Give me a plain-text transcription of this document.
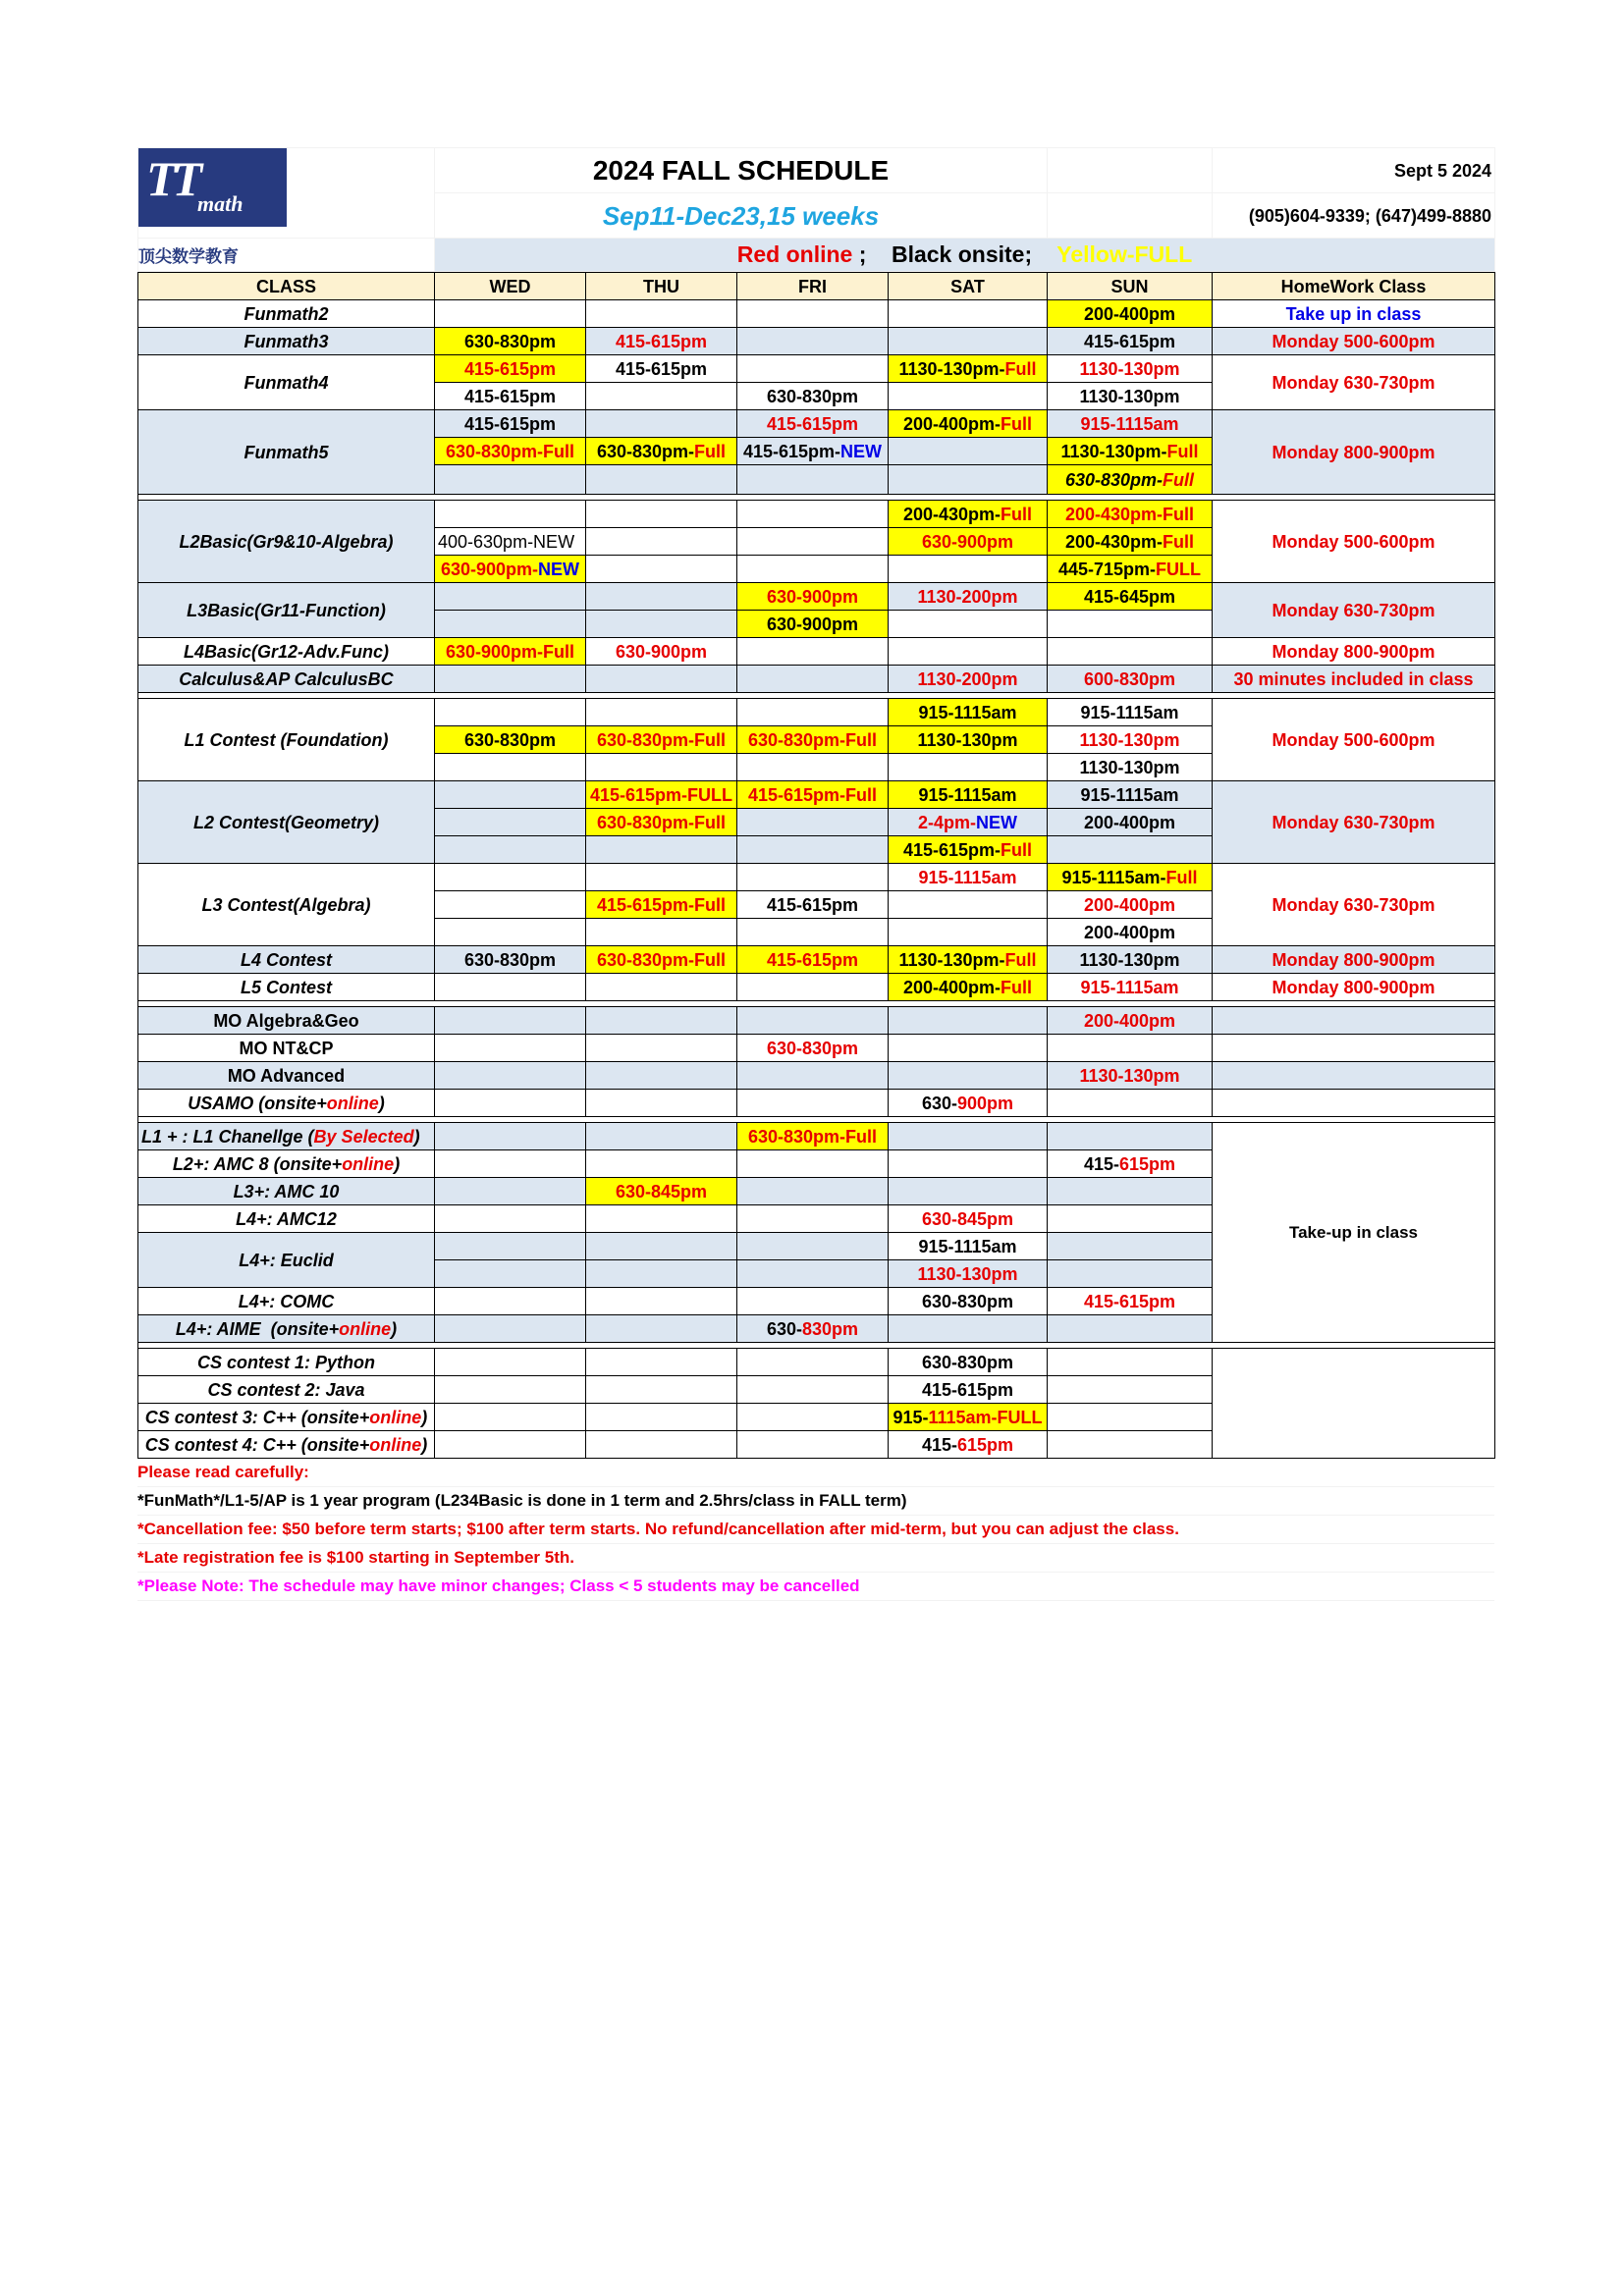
TT
math	2024 FALL SCHEDULE		Sept 5 2024
	Sep11-Dec23,15 weeks		(905)604-9339; (647)499-8880

顶尖数学教育	Red online ; Black onsite; Yellow-FULL		
CLASS	WED	THU	FRI	SAT	SUN	HomeWork Class
Funmath2					200-400pm	Take up in class
Funmath3	630-830pm	415-615pm			415-615pm	Monday 500-600pm
Funmath4	415-615pm	415-615pm		1130-130pm-Full	1130-130pm	Monday 630-730pm
	415-615pm		630-830pm		1130-130pm	
Funmath5	415-615pm		415-615pm	200-400pm-Full	915-1115am	Monday 800-900pm
	630-830pm-Full	630-830pm-Full	415-615pm-NEW		1130-130pm-Full	
					630-830pm-Full	

L2Basic(Gr9&10-Algebra)				200-430pm-Full	200-430pm-Full	Monday 500-600pm
	400-630pm-NEW			630-900pm	200-430pm-Full	
	630-900pm-NEW				445-715pm-FULL	
L3Basic(Gr11-Function)			630-900pm	1130-200pm	415-645pm	Monday 630-730pm
			630-900pm			
L4Basic(Gr12-Adv.Func)	630-900pm-Full	630-900pm				Monday 800-900pm
Calculus&AP CalculusBC				1130-200pm	600-830pm	30 minutes included in class

L1 Contest (Foundation)				915-1115am	915-1115am	Monday 500-600pm
	630-830pm	630-830pm-Full	630-830pm-Full	1130-130pm	1130-130pm	
					1130-130pm	
L2 Contest(Geometry)		415-615pm-FULL	415-615pm-Full	915-1115am	915-1115am	Monday 630-730pm
		630-830pm-Full		2-4pm-NEW	200-400pm	
				415-615pm-Full		
L3 Contest(Algebra)				915-1115am	915-1115am-Full	Monday 630-730pm
		415-615pm-Full	415-615pm		200-400pm	
					200-400pm	
L4 Contest	630-830pm	630-830pm-Full	415-615pm	1130-130pm-Full	1130-130pm	Monday 800-900pm
L5 Contest				200-400pm-Full	915-1115am	Monday 800-900pm

MO Algebra&Geo					200-400pm	
MO NT&CP			630-830pm			
MO Advanced					1130-130pm	
USAMO (onsite+online)				630-900pm		

L1 + : L1 Chanellge (By Selected)			630-830pm-Full			Take-up in class
L2+: AMC 8 (onsite+online)					415-615pm	
L3+: AMC 10		630-845pm				
L4+: AMC12				630-845pm		
L4+: Euclid				915-1115am		
				1130-130pm		
L4+: COMC				630-830pm	415-615pm	
L4+: AIME  (onsite+online)			630-830pm			

CS contest 1: Python				630-830pm		
CS contest 2: Java				415-615pm		
CS contest 3: C++ (onsite+online)				915-1115am-FULL		
CS contest 4: C++ (onsite+online)				415-615pm		
Please read carefully:
*FunMath*/L1-5/AP is 1 year program (L234Basic is done in 1 term and 2.5hrs/class in FALL term)
*Cancellation fee: $50 before term starts; $100 after term starts. No refund/cancellation after mid-term, but you can adjust the class.
*Late registration fee is $100 starting in September 5th.
*Please Note: The schedule may have minor changes; Class < 5 students may be cancelled
